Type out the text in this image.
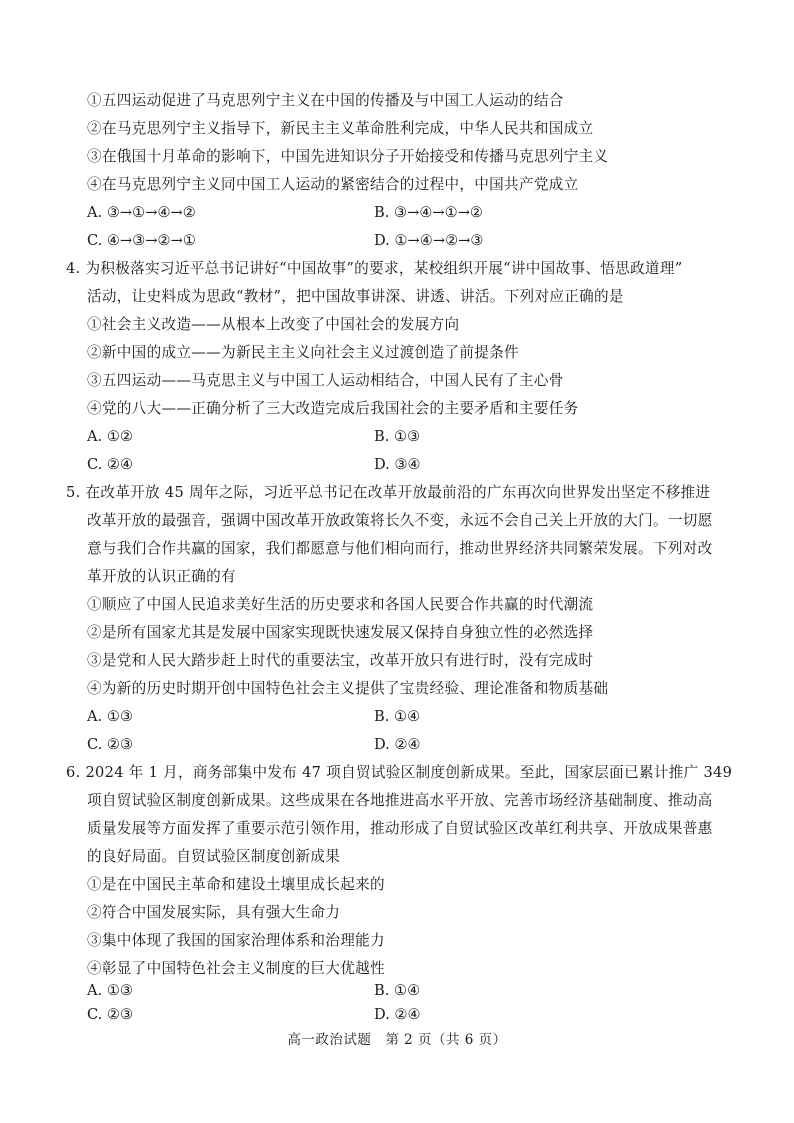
①五四运动促进了马克思列宁主义在中国的传播及与中国工人运动的结合
②在马克思列宁主义指导下，新民主主义革命胜利完成，中华人民共和国成立
③在俄国十月革命的影响下，中国先进知识分子开始接受和传播马克思列宁主义
④在马克思列宁主义同中国工人运动的紧密结合的过程中，中国共产党成立
A. ③→①→④→②	B. ③→④→①→②
C. ④→③→②→①	D. ①→④→②→③
4. 为积极落实习近平总书记讲好“中国故事”的要求，某校组织开展“讲中国故事、悟思政道理”
活动，让史料成为思政“教材”，把中国故事讲深、讲透、讲活。下列对应正确的是
①社会主义改造——从根本上改变了中国社会的发展方向
②新中国的成立——为新民主主义向社会主义过渡创造了前提条件
③五四运动——马克思主义与中国工人运动相结合，中国人民有了主心骨
④党的八大——正确分析了三大改造完成后我国社会的主要矛盾和主要任务
A. ①②	B. ①③
C. ②④	D. ③④
5. 在改革开放 45 周年之际，习近平总书记在改革开放最前沿的广东再次向世界发出坚定不移推进
改革开放的最强音，强调中国改革开放政策将长久不变，永远不会自己关上开放的大门。一切愿
意与我们合作共赢的国家，我们都愿意与他们相向而行，推动世界经济共同繁荣发展。下列对改
革开放的认识正确的有
①顺应了中国人民追求美好生活的历史要求和各国人民要合作共赢的时代潮流
②是所有国家尤其是发展中国家实现既快速发展又保持自身独立性的必然选择
③是党和人民大踏步赶上时代的重要法宝，改革开放只有进行时，没有完成时
④为新的历史时期开创中国特色社会主义提供了宝贵经验、理论准备和物质基础
A. ①③	B. ①④
C. ②③	D. ②④
6. 2024 年 1 月，商务部集中发布 47 项自贸试验区制度创新成果。至此，国家层面已累计推广 349
项自贸试验区制度创新成果。这些成果在各地推进高水平开放、完善市场经济基础制度、推动高
质量发展等方面发挥了重要示范引领作用，推动形成了自贸试验区改革红利共享、开放成果普惠
的良好局面。自贸试验区制度创新成果
①是在中国民主革命和建设土壤里成长起来的
②符合中国发展实际，具有强大生命力
③集中体现了我国的国家治理体系和治理能力
④彰显了中国特色社会主义制度的巨大优越性
A. ①③	B. ①④
高一政治试题　第 2 页（共 6 页）
C. ②③	D. ②④
